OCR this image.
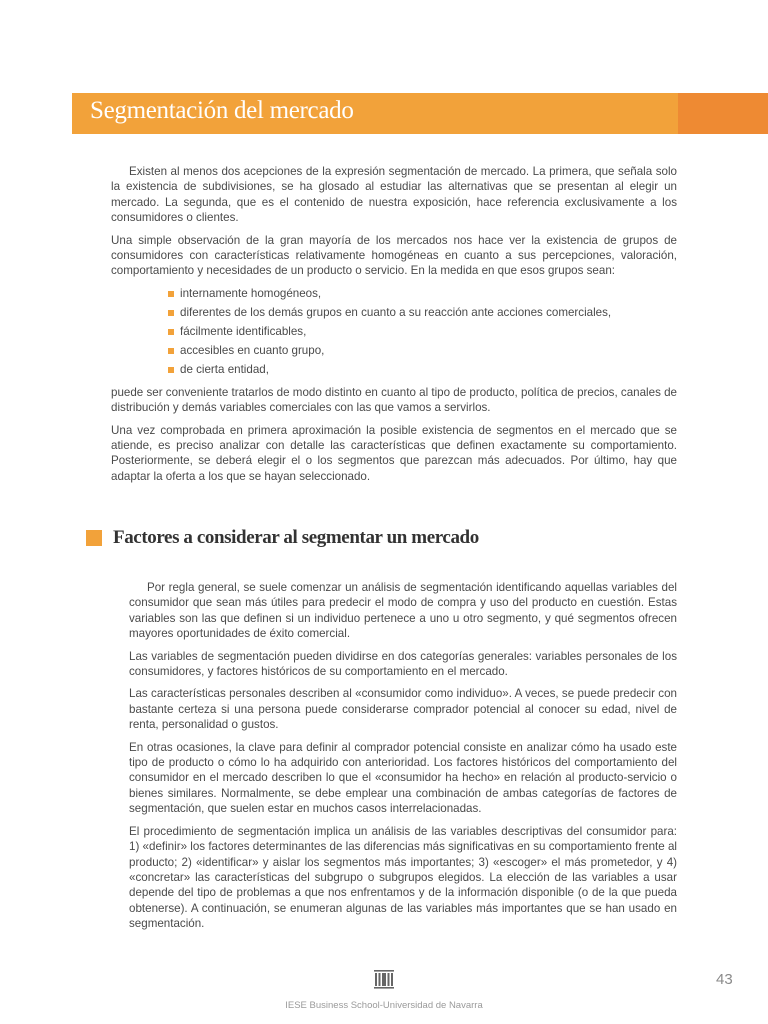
Segmentación del mercado

Existen al menos dos acepciones de la expresión segmentación de mercado. La primera, que señala solo la existencia de subdivisiones, se ha glosado al estudiar las alternativas que se presentan al elegir un mercado. La segunda, que es el contenido de nuestra exposición, hace referencia exclusivamente a los consumidores o clientes.

Una simple observación de la gran mayoría de los mercados nos hace ver la existencia de grupos de consumidores con características relativamente homogéneas en cuanto a sus percepciones, valoración, comportamiento y necesidades de un producto o servicio. En la medida en que esos grupos sean:

internamente homogéneos,
diferentes de los demás grupos en cuanto a su reacción ante acciones comerciales,
fácilmente identificables,
accesibles en cuanto grupo,
de cierta entidad,

puede ser conveniente tratarlos de modo distinto en cuanto al tipo de producto, política de precios, canales de distribución y demás variables comerciales con las que vamos a servirlos.

Una vez comprobada en primera aproximación la posible existencia de segmentos en el mercado que se atiende, es preciso analizar con detalle las características que definen exactamente su comportamiento. Posteriormente, se deberá elegir el o los segmentos que parezcan más adecuados. Por último, hay que adaptar la oferta a los que se hayan seleccionado.

Factores a considerar al segmentar un mercado

Por regla general, se suele comenzar un análisis de segmentación identificando aquellas variables del consumidor que sean más útiles para predecir el modo de compra y uso del producto en cuestión. Estas variables son las que definen si un individuo pertenece a uno u otro segmento, y qué segmentos ofrecen mayores oportunidades de éxito comercial.

Las variables de segmentación pueden dividirse en dos categorías generales: variables personales de los consumidores, y factores históricos de su comportamiento en el mercado.

Las características personales describen al «consumidor como individuo». A veces, se puede predecir con bastante certeza si una persona puede considerarse comprador potencial al conocer su edad, nivel de renta, personalidad o gustos.

En otras ocasiones, la clave para definir al comprador potencial consiste en analizar cómo ha usado este tipo de producto o cómo lo ha adquirido con anterioridad. Los factores históricos del comportamiento del consumidor en el mercado describen lo que el «consumidor ha hecho» en relación al producto-servicio o bienes similares. Normalmente, se debe emplear una combinación de ambas categorías de factores de segmentación, que suelen estar en muchos casos interrelacionadas.

El procedimiento de segmentación implica un análisis de las variables descriptivas del consumidor para: 1) «definir» los factores determinantes de las diferencias más significativas en su comportamiento frente al producto; 2) «identificar» y aislar los segmentos más importantes; 3) «escoger» el más prometedor, y 4) «concretar» las características del subgrupo o subgrupos elegidos. La elección de las variables a usar depende del tipo de problemas a que nos enfrentamos y de la información disponible (o de la que pueda obtenerse). A continuación, se enumeran algunas de las variables más importantes que se han usado en segmentación.

43
IESE Business School-Universidad de Navarra
